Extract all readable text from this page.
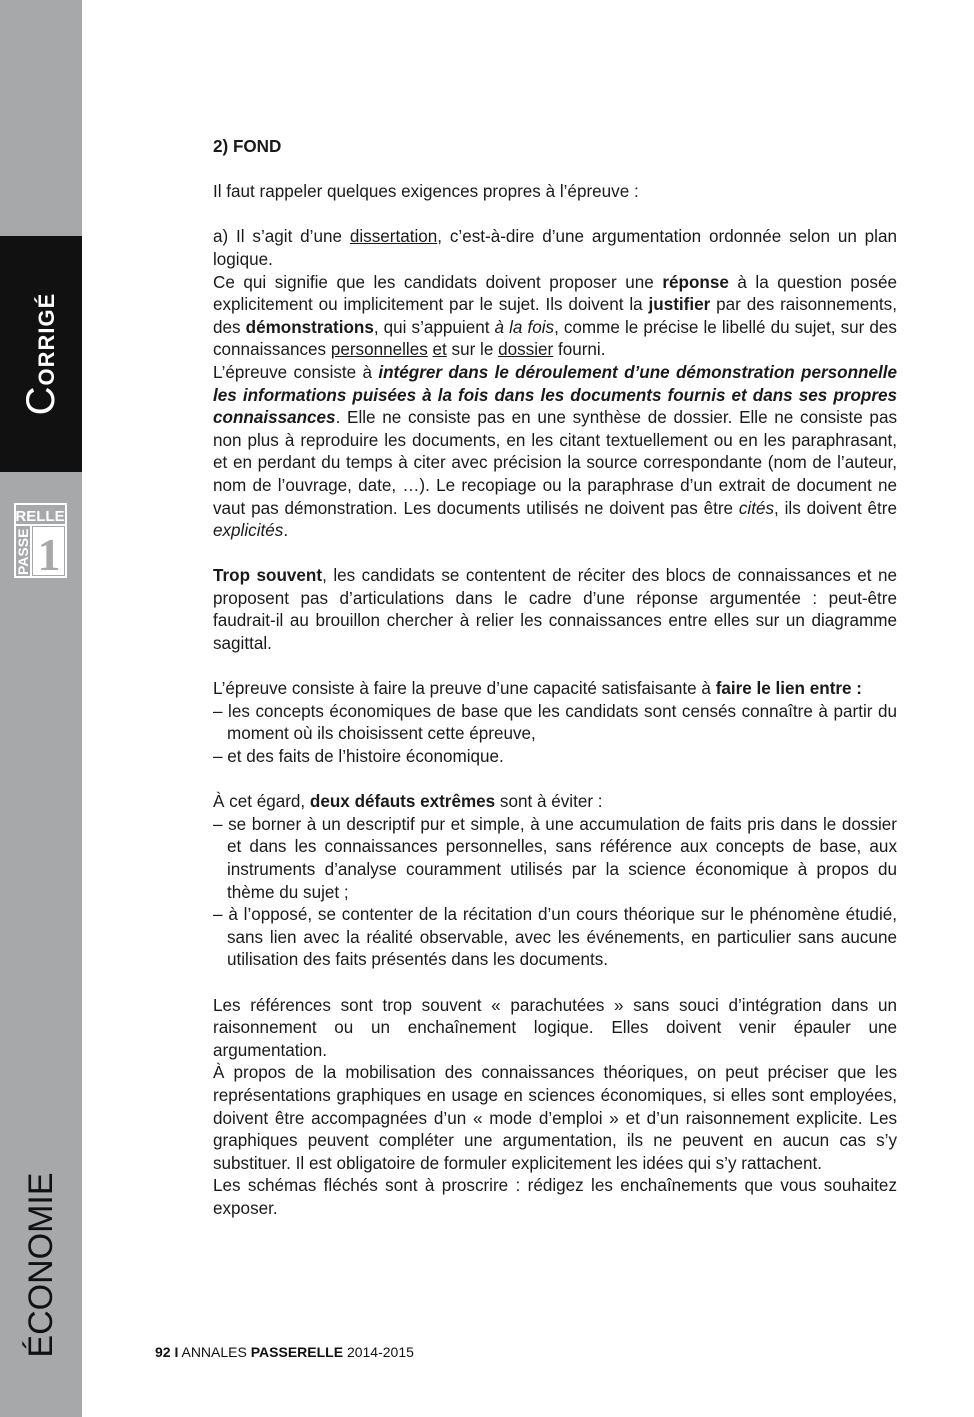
CORRIGÉ
RELLE
PASSE 1
ÉCONOMIE

2) FOND

Il faut rappeler quelques exigences propres à l’épreuve :

a) Il s’agit d’une dissertation, c’est-à-dire d’une argumentation ordonnée selon un plan logique.

Ce qui signifie que les candidats doivent proposer une réponse à la question posée explicitement ou implicitement par le sujet. Ils doivent la justifier par des raisonnements, des démonstrations, qui s’appuient à la fois, comme le précise le libellé du sujet, sur des connaissances personnelles et sur le dossier fourni.

L’épreuve consiste à intégrer dans le déroulement d’une démonstration personnelle les informations puisées à la fois dans les documents fournis et dans ses propres connaissances. Elle ne consiste pas en une synthèse de dossier. Elle ne consiste pas non plus à reproduire les documents, en les citant textuellement ou en les paraphrasant, et en perdant du temps à citer avec précision la source correspondante (nom de l’auteur, nom de l’ouvrage, date, …). Le recopiage ou la paraphrase d’un extrait de document ne vaut pas démonstration. Les documents utilisés ne doivent pas être cités, ils doivent être explicités.

Trop souvent, les candidats se contentent de réciter des blocs de connaissances et ne proposent pas d’articulations dans le cadre d’une réponse argumentée : peut-être faudrait-il au brouillon chercher à relier les connaissances entre elles sur un diagramme sagittal.

L’épreuve consiste à faire la preuve d’une capacité satisfaisante à faire le lien entre :

– les concepts économiques de base que les candidats sont censés connaître à partir du moment où ils choisissent cette épreuve,

– et des faits de l’histoire économique.

À cet égard, deux défauts extrêmes sont à éviter :

– se borner à un descriptif pur et simple, à une accumulation de faits pris dans le dossier et dans les connaissances personnelles, sans référence aux concepts de base, aux instruments d’analyse couramment utilisés par la science économique à propos du thème du sujet ;

– à l’opposé, se contenter de la récitation d’un cours théorique sur le phénomène étudié, sans lien avec la réalité observable, avec les événements, en particulier sans aucune utilisation des faits présentés dans les documents.

Les références sont trop souvent « parachutées » sans souci d’intégration dans un raisonnement ou un enchaînement logique. Elles doivent venir épauler une argumentation.

À propos de la mobilisation des connaissances théoriques, on peut préciser que les représentations graphiques en usage en sciences économiques, si elles sont employées, doivent être accompagnées d’un « mode d’emploi » et d’un raisonnement explicite. Les graphiques peuvent compléter une argumentation, ils ne peuvent en aucun cas s’y substituer. Il est obligatoire de formuler explicitement les idées qui s’y rattachent.

Les schémas fléchés sont à proscrire : rédigez les enchaînements que vous souhaitez exposer.

92 I ANNALES PASSERELLE 2014-2015
